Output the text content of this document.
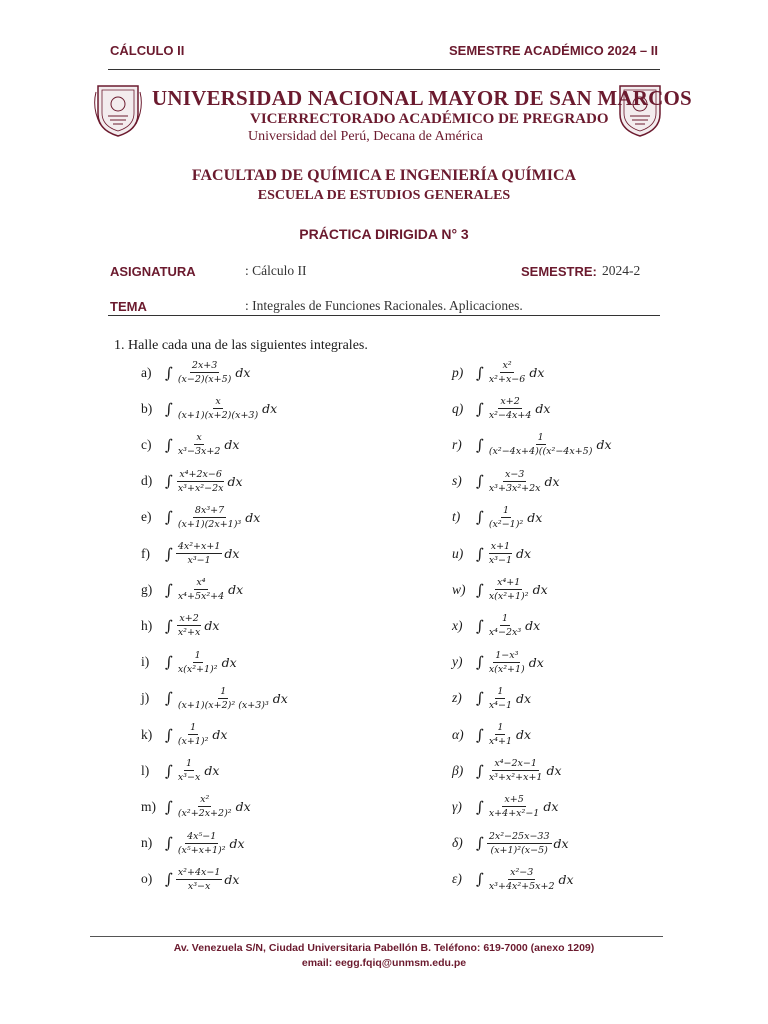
CÁLCULO II	SEMESTRE ACADÉMICO 2024 – II
UNIVERSIDAD NACIONAL MAYOR DE SAN MARCOS
VICERRECTORADO ACADÉMICO DE PREGRADO
Universidad del Perú, Decana de América
FACULTAD DE QUÍMICA E INGENIERÍA QUÍMICA
ESCUELA DE ESTUDIOS GENERALES
PRÁCTICA DIRIGIDA N° 3
ASIGNATURA	: Cálculo II	SEMESTRE: 2024-2
TEMA	: Integrales de Funciones Racionales. Aplicaciones.
1. Halle cada una de las siguientes integrales.
a) ∫ $\frac{2x+3}{(x-2)(x+5)}$ dx
b) ∫ $\frac{x}{(x+1)(x+2)(x+3)}$ dx
c) ∫ $\frac{x}{\text{x³−3x+2}}$ dx
d) ∫ $\frac{\text{x⁴+2x−6}}{\text{x³+x²−2x}}$ dx
e) ∫ $\frac{\text{8x³+7}}{\text{(x+1)(2x+1)³}}$ dx
f)	∫ $\frac{\text{4x²+x+1}}{\text{x³−1}}$ dx
g) ∫ $\frac{\text{x⁴}}{\text{x⁴+5x²+4}}$ dx
h) ∫ $\frac{x+2}{\text{x²+x}}$ dx
i)	∫ $\frac{1}{\text{x(x²+1)²}}$ dx
j)	∫ $\frac{1}{\text{(x+1)(x+2)² (x+3)³}}$ dx
k) ∫ $\frac{1}{\text{(x+1)²}}$ dx
l)	∫ $\frac{1}{\text{x³−x}}$ dx
m) ∫ $\frac{\text{x²}}{\text{(x²+2x+2)²}}$ dx
n) ∫ $\frac{\text{4x⁵−1}}{\text{(x⁵+x+1)²}}$ dx
o) ∫ $\frac{\text{x²+4x−1}}{\text{x³−x}}$ dx
p) ∫ $\frac{\text{x²}}{\text{x²+x−6}}$ dx
q) ∫ $\frac{x+2}{\text{x²−4x+4}}$ dx
r) ∫ $\frac{1}{\text{(x²−4x+4)((x²−4x+5)}}$ dx
s) ∫ $\frac{x-3}{\text{x³+3x²+2x}}$ dx
t)	∫ $\frac{1}{\text{(x²−1)²}}$ dx
u) ∫ $\frac{x+1}{\text{x³−1}}$ dx
w) ∫ $\frac{\text{x⁴+1}}{\text{x(x²+1)²}}$ dx
x) ∫ $\frac{1}{\text{x⁴−2x³}}$ dx
y) ∫ $\frac{\text{1−x³}}{\text{x(x²+1)}}$ dx
z) ∫ $\frac{1}{\text{x⁴−1}}$ dx
α) ∫ $\frac{1}{\text{x⁴+1}}$ dx
β) ∫ $\frac{\text{x⁴−2x−1}}{\text{x³+x²+x+1}}$ dx
γ) ∫ $\frac{x+5}{\text{x+4+x²−1}}$ dx
δ) ∫ $\frac{\text{2x²−25x−33}}{\text{(x+1)²(x−5)}}$ dx
ε) ∫ $\frac{\text{x²−3}}{\text{x³+4x²+5x+2}}$ dx
Av. Venezuela S/N, Ciudad Universitaria Pabellón B. Teléfono: 619-7000 (anexo 1209)
email: eegg.fqiq@unmsm.edu.pe
